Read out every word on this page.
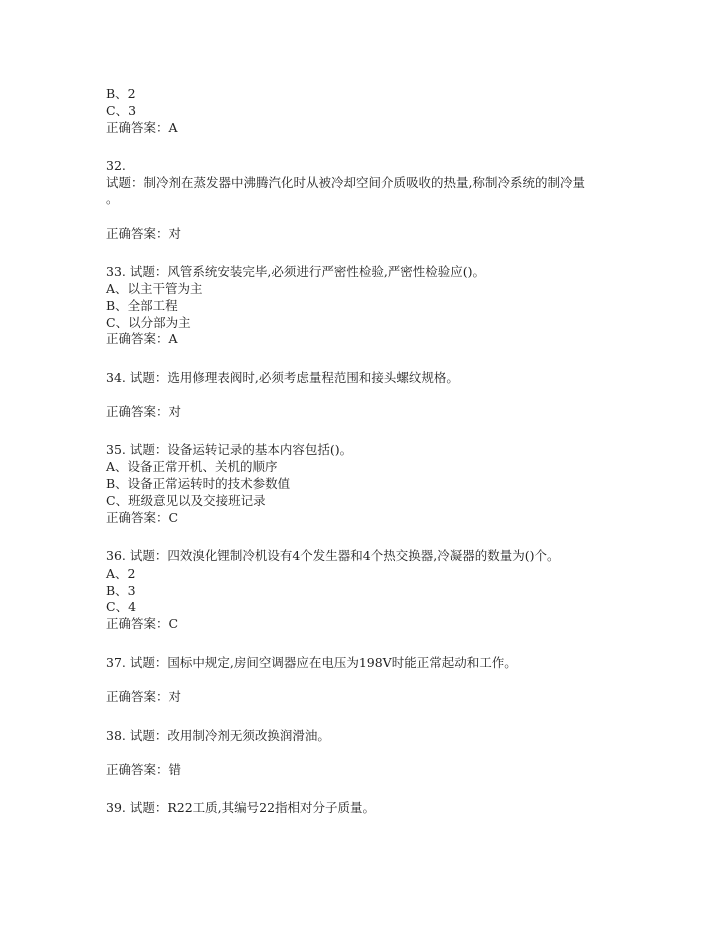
B、2
C、3
正确答案：A
32.
试题：制冷剂在蒸发器中沸腾汽化时从被冷却空间介质吸收的热量,称制冷系统的制冷量
。
正确答案：对
33. 试题：风管系统安装完毕,必须进行严密性检验,严密性检验应()。
A、以主干管为主
B、全部工程
C、以分部为主
正确答案：A
34. 试题：选用修理表阀时,必须考虑量程范围和接头螺纹规格。
正确答案：对
35. 试题：设备运转记录的基本内容包括()。
A、设备正常开机、关机的顺序
B、设备正常运转时的技术参数值
C、班级意见以及交接班记录
正确答案：C
36. 试题：四效溴化锂制冷机设有4个发生器和4个热交换器,冷凝器的数量为()个。
A、2
B、3
C、4
正确答案：C
37. 试题：国标中规定,房间空调器应在电压为198V时能正常起动和工作。
正确答案：对
38. 试题：改用制冷剂无须改换润滑油。
正确答案：错
39. 试题：R22工质,其编号22指相对分子质量。
